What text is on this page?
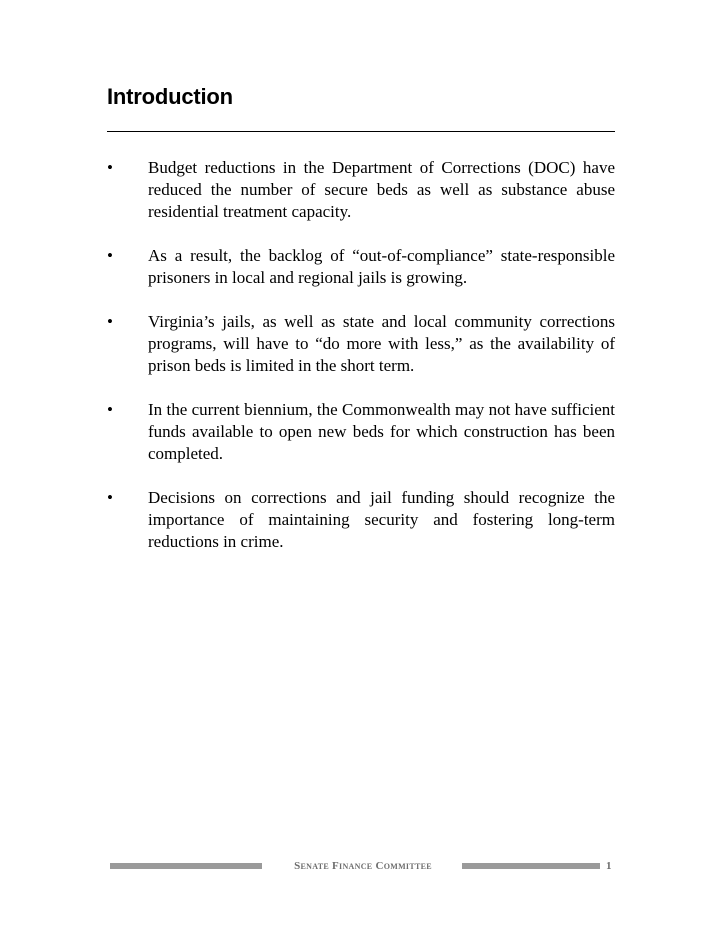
Introduction
• Budget reductions in the Department of Corrections (DOC) have reduced the number of secure beds as well as substance abuse residential treatment capacity.
• As a result, the backlog of “out-of-compliance” state-responsible prisoners in local and regional jails is growing.
• Virginia’s jails, as well as state and local community corrections programs, will have to “do more with less,” as the availability of prison beds is limited in the short term.
• In the current biennium, the Commonwealth may not have sufficient funds available to open new beds for which construction has been completed.
• Decisions on corrections and jail funding should recognize the importance of maintaining security and fostering long-term reductions in crime.
Senate Finance Committee	1
